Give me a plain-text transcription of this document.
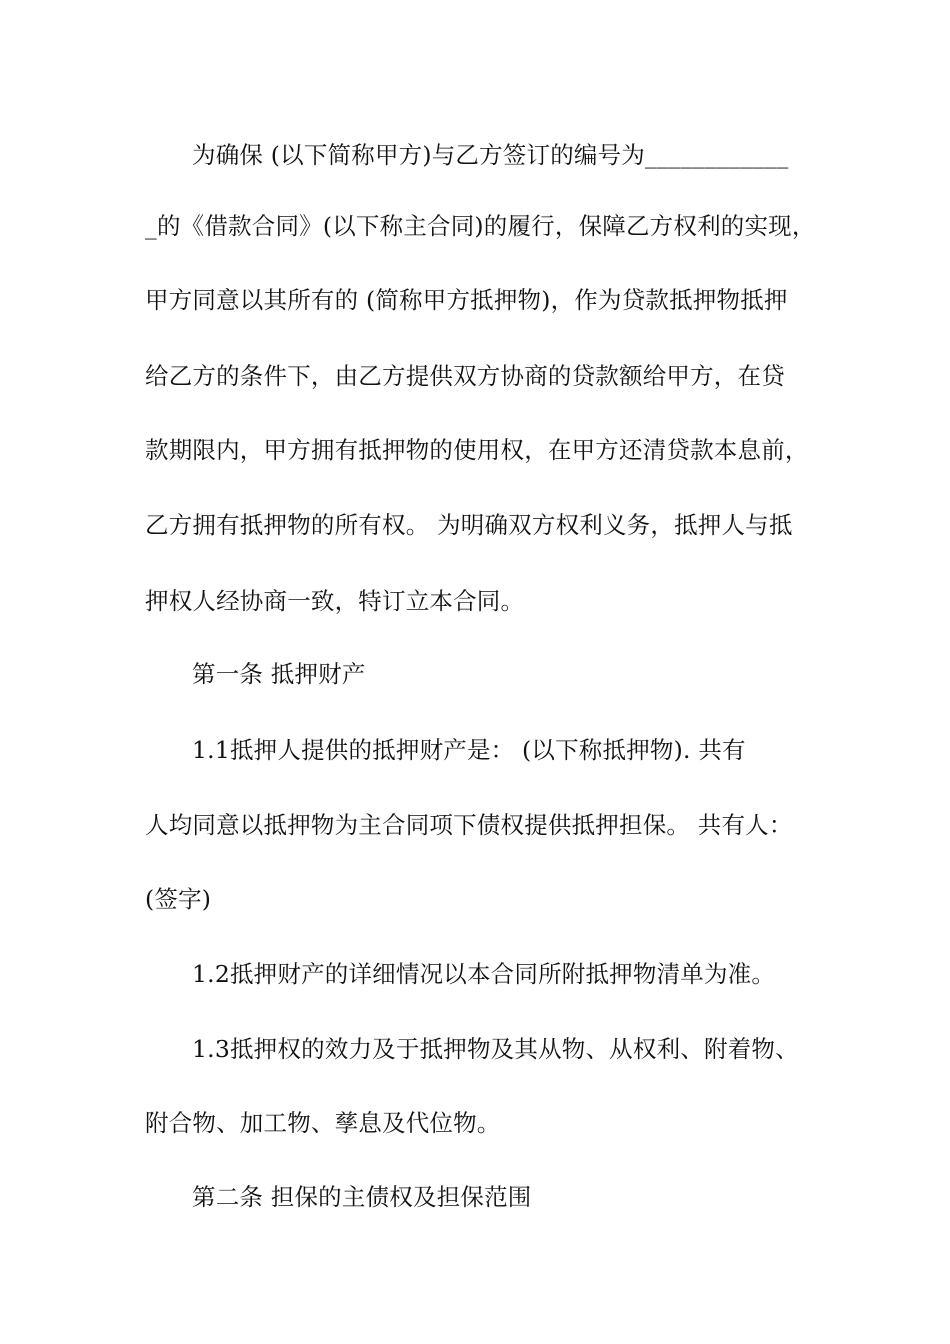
为确保 (以下简称甲方)与乙方签订的编号为____________
_的《借款合同》(以下称主合同)的履行，保障乙方权利的实现，
甲方同意以其所有的 (简称甲方抵押物)，作为贷款抵押物抵押
给乙方的条件下，由乙方提供双方协商的贷款额给甲方，在贷
款期限内，甲方拥有抵押物的使用权，在甲方还清贷款本息前，
乙方拥有抵押物的所有权。 为明确双方权利义务，抵押人与抵
押权人经协商一致，特订立本合同。
第一条 抵押财产
1.1抵押人提供的抵押财产是： (以下称抵押物). 共有
人均同意以抵押物为主合同项下债权提供抵押担保。 共有人：
(签字)
1.2抵押财产的详细情况以本合同所附抵押物清单为准。
1.3抵押权的效力及于抵押物及其从物、从权利、附着物、
附合物、加工物、孳息及代位物。
第二条 担保的主债权及担保范围
